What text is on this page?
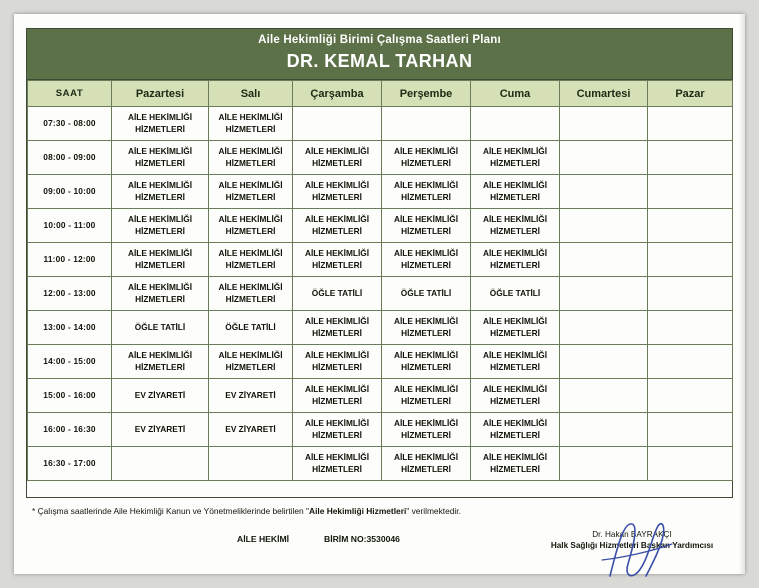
Aile Hekimliği Birimi Çalışma Saatleri Planı
DR. KEMAL TARHAN
SAAT	Pazartesi	Salı	Çarşamba	Perşembe	Cuma	Cumartesi	Pazar
07:30 - 08:00	AİLE HEKİMLİĞİ
HİZMETLERİ	AİLE HEKİMLİĞİ
HİZMETLERİ					

08:00 - 09:00	AİLE HEKİMLİĞİ
HİZMETLERİ	AİLE HEKİMLİĞİ
HİZMETLERİ	AİLE HEKİMLİĞİ
HİZMETLERİ	AİLE HEKİMLİĞİ
HİZMETLERİ	AİLE HEKİMLİĞİ
HİZMETLERİ		

09:00 - 10:00	AİLE HEKİMLİĞİ
HİZMETLERİ	AİLE HEKİMLİĞİ
HİZMETLERİ	AİLE HEKİMLİĞİ
HİZMETLERİ	AİLE HEKİMLİĞİ
HİZMETLERİ	AİLE HEKİMLİĞİ
HİZMETLERİ		

10:00 - 11:00	AİLE HEKİMLİĞİ
HİZMETLERİ	AİLE HEKİMLİĞİ
HİZMETLERİ	AİLE HEKİMLİĞİ
HİZMETLERİ	AİLE HEKİMLİĞİ
HİZMETLERİ	AİLE HEKİMLİĞİ
HİZMETLERİ		

11:00 - 12:00	AİLE HEKİMLİĞİ
HİZMETLERİ	AİLE HEKİMLİĞİ
HİZMETLERİ	AİLE HEKİMLİĞİ
HİZMETLERİ	AİLE HEKİMLİĞİ
HİZMETLERİ	AİLE HEKİMLİĞİ
HİZMETLERİ		

12:00 - 13:00	AİLE HEKİMLİĞİ
HİZMETLERİ	AİLE HEKİMLİĞİ
HİZMETLERİ	ÖĞLE TATİLİ	ÖĞLE TATİLİ	ÖĞLE TATİLİ		

13:00 - 14:00	ÖĞLE TATİLİ	ÖĞLE TATİLİ	AİLE HEKİMLİĞİ
HİZMETLERİ	AİLE HEKİMLİĞİ
HİZMETLERİ	AİLE HEKİMLİĞİ
HİZMETLERİ		

14:00 - 15:00	AİLE HEKİMLİĞİ
HİZMETLERİ	AİLE HEKİMLİĞİ
HİZMETLERİ	AİLE HEKİMLİĞİ
HİZMETLERİ	AİLE HEKİMLİĞİ
HİZMETLERİ	AİLE HEKİMLİĞİ
HİZMETLERİ		

15:00 - 16:00	EV ZİYARETİ	EV ZİYARETİ	AİLE HEKİMLİĞİ
HİZMETLERİ	AİLE HEKİMLİĞİ
HİZMETLERİ	AİLE HEKİMLİĞİ
HİZMETLERİ		

16:00 - 16:30	EV ZİYARETİ	EV ZİYARETİ	AİLE HEKİMLİĞİ
HİZMETLERİ	AİLE HEKİMLİĞİ
HİZMETLERİ	AİLE HEKİMLİĞİ
HİZMETLERİ		

16:30 - 17:00			AİLE HEKİMLİĞİ
HİZMETLERİ	AİLE HEKİMLİĞİ
HİZMETLERİ	AİLE HEKİMLİĞİ
HİZMETLERİ		

* Çalışma saatlerinde Aile Hekimliği Kanun ve Yönetmeliklerinde belirtilen "Aile Hekimliği Hizmetleri" verilmektedir.
AİLE HEKİMİ	BİRİM NO:3530046	Dr. Hakan BAYRAKÇI
Halk Sağlığı Hizmetleri Başkan Yardımcısı
